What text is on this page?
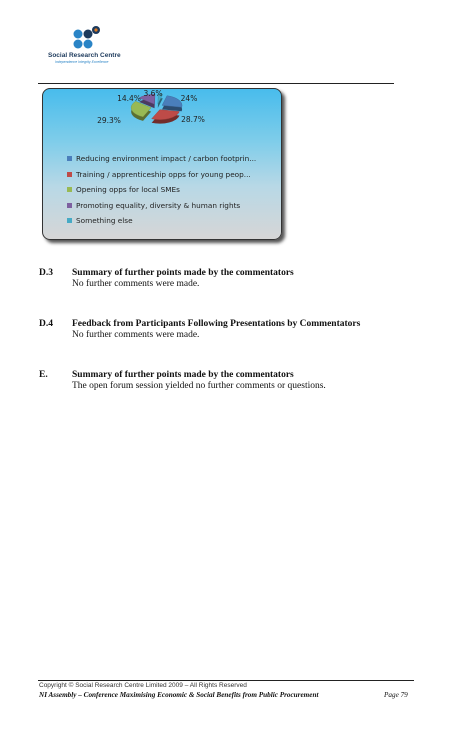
Social Research Centre
Independence Integrity Excellence
24%
28.7%
29.3%
14.4%
3.6%
Reducing environment impact / carbon footprin...
Training / apprenticeship opps for young peop...
Opening opps for local SMEs
Promoting equality, diversity & human rights
Something else
D.3 Summary of further points made by the commentators
No further comments were made.
D.4 Feedback from Participants Following Presentations by Commentators
No further comments were made.
E.	Summary of further points made by the commentators
The open forum session yielded no further comments or questions.
Copyright © Social Research Centre Limited 2009 – All Rights Reserved
NI Assembly – Conference Maximising Economic & Social Benefits from Public Procurement	Page 79
